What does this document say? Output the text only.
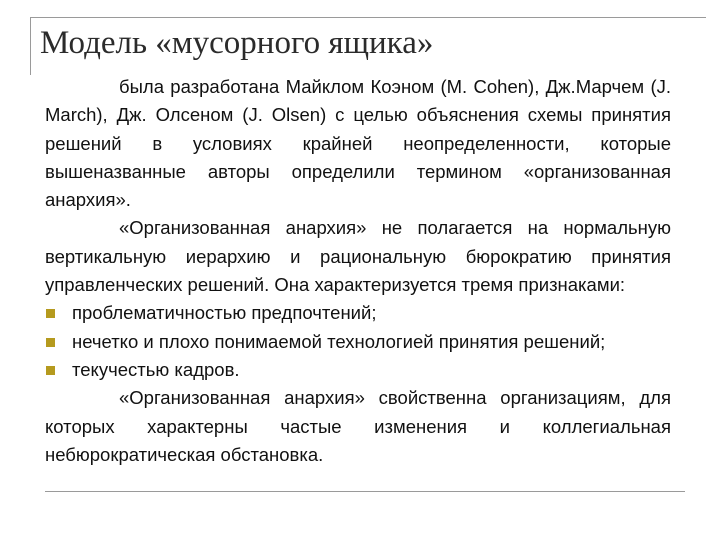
Модель «мусорного ящика»

была разработана Майклом Коэном (M. Cohen), Дж.Марчем (J. March), Дж. Олсеном (J. Olsen) с целью объяснения схемы принятия решений в условиях крайней неопределенности, которые вышеназванные авторы определили термином «организованная анархия».

«Организованная анархия» не полагается на нормальную вертикальную иерархию и рациональную бюрократию принятия управленческих решений. Она характеризуется тремя признаками:

проблематичностью предпочтений;
нечетко и плохо понимаемой технологией принятия решений;
текучестью кадров.

«Организованная анархия» свойственна организациям, для которых характерны частые изменения и коллегиальная небюрократическая обстановка.
